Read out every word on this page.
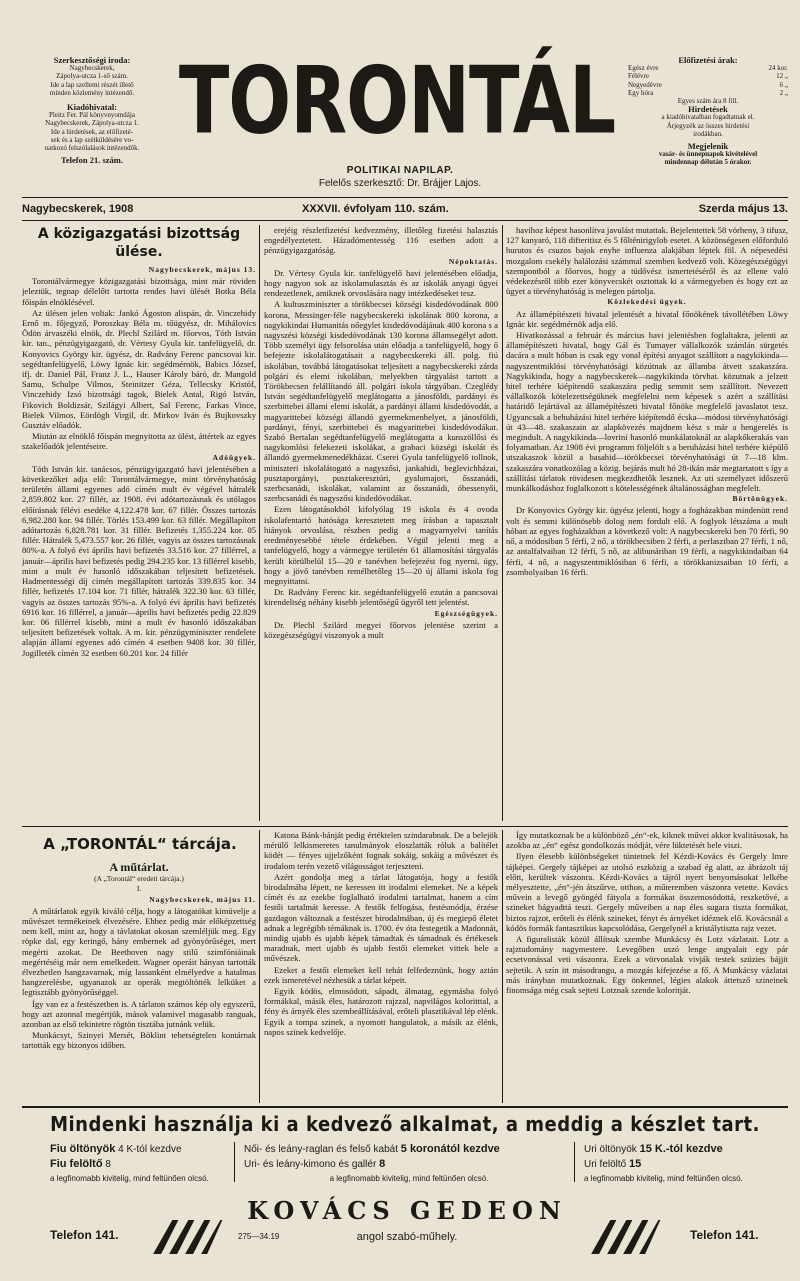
Szerkesztőségi iroda:
Nagybecskerek,
Zápolya-utcza 1-ső szám.
Ide a lap szellemi részét illető
minden közlemény intézendő.
Kiadóhivatal:
Pleitz Fer. Pál könyvnyomdája
Nagybecskerek, Zápolya-utcza 1.
Ide a hirdetések, az előfizeté-
sek és a lap szétküldésére vo-
natkozó felszólalások intézendők.
Telefon 21. szám.
TORONTÁL
POLITIKAI NAPILAP.
Felelős szerkesztő: Dr. Brájjer Lajos.
Előfizetési árak:
Egész évre	24 kor.
Félévre	12 „
Negyedévre	6 „
Egy hóra	2 „
Egyes szám ára 8 fill.
Hirdetések
a kiadóhivatalban fogadtatnak el.
Árjegyzék az összes hirdetési
irodákban.
Megjelenik
vasár- és ünnepnapok kivételével
mindennap délután 5 órakor.
Nagybecskerek, 1908	XXXVII. évfolyam 110. szám.	Szerda május 13.
A közigazgatási bizottság ülése.

Nagybecskerek, május 13.

Torontálvármegye közigazgatási bizottsága, mint már röviden jeleztük, tegnap délelőtt tartotta rendes havi ülését Botka Béla főispán elnöklésével.

Az ülésen jelen voltak: Jankó Ágoston alispán, dr. Vinczehidy Ernő m. főjegyző, Poroszkay Béla m. tőügyész, dr. Mihálovics Ödön árvaszéki elnök, dr. Plechl Szilárd m. főorvos, Tóth István kir. tan., pénzügyigazgató, dr. Vértesy Gyula kir. tanfelügyelő, dr. Konyovics György kir. ügyész, dr. Radvány Ferenc pancsovai kir. segédtanfelügyelő, Löwy Ignác kir. segédmérnök, Babics József, ifj. dr. Daniel Pál, Franz J. L., Hauser Károly báró, dr. Mangold Samu, Schulpe Vilmos, Steinitzer Géza, Tellecsky Kristóf, Vinczehidy Izsó bizottsági tagok, Bielek Antal, Rigó István, Fikovich Boldizsár, Szilágyi Albert, Sal Ferenc, Farkas Vince, Bielek Vilmos, Eördögh Virgil, dr. Mirkov Iván és Bujkovszky Gusztáv előadók.

Miután az elnöklő főispán megnyitotta az ülést, áttértek az egyes szakelőadók jelentéseire.

Adóügyek.

Tóth István kir. tanácsos, pénzügyigazgató havi jelentésében a következőket adja elő: Torontálvármegye, mint törvényhatóság területén állami egyenes adó címén mult év végével hátralék 2,859.802 kor. 27 fillér, az 1908. évi adótartozásnak és utólagos előírásnak félévi esedéke 4,122.478 kor. 67 fillér. Összes tartozás 6,982.280 kor. 94 fillér. Törlés 153.499 kor. 63 fillér. Megállapított adótartozás 6,828.781 kor. 31 fillér. Befizetés 1,355.224 kor. 05 fillér. Hátralék 5,473.557 kor. 26 fillér, vagyis az összes tartozásnak 80%-a. A folyó évi április havi befizetés 33.516 kor. 27 fillérrel, a január—április havi befizetés pedig 294.235 kor. 13 fillérrel kisebb, mint a mult év hasonló időszakában teljesített befizetések. Hadmentességi díj címén megállapított tartozás 339.835 kor. 34 fillér, befizetés 17.104 kor. 71 fillér, hátralék 322.30 kor. 63 fillér, vagyis az összes tartozás 95%-a. A folyó évi április havi befizetés 6916 kor. 16 fillérrel, a január—április havi befizetés pedig 22.829 kor. 06 fillérrel kisebb, mint a mult év hasonló időszakában teljesített befizetések voltak. A m. kir. pénzügyminiszter rendelete alapján állami egyenes adó címén 4 esetben 9408 kor. 30 fillér, Jogilleték címén 32 esetben 60.201 kor. 24 fillér

erejéig részletfizetési kedvezmény, illetőleg fizetési halasztás engedélyeztetett. Házadómentesség 116 esetben adott a pénzügyigazgatóság.

Népoktatás.

Dr. Vértesy Gyula kir. tanfelügyelő havi jelentésében előadja, hogy nagyon sok az iskolamulasztás és az iskolák anyagi ügyei rendezetlenek, amiknek orvoslására nagy intézkedéseket tesz.

A kultuszminiszter a törökbecsei községi kisdedóvodának 800 korona, Messinger-féle nagybecskereki iskolának 800 korona, a nagykikindai Humanitás nőegylet kisdedóvodájának 400 korona s a nagyszési községi kisdedóvodának 130 korona államsegélyt adott. Több személyi ügy felsorolása után előadja a tanfelügyelő, hogy ő befejezte iskolalátogatásait a nagybecskereki áll. polg. fiú iskolában, továbbá látogatásokat teljesített a nagybecskereki zárda polgári és elemi iskolában, melyekben tárgyalást tartott a Törökbecsen felállítandó áll. polgári iskola tárgyában. Czeglédy István segédtanfelügyelő meglátogatta a jánosföldi, pardányi és szerbittebei állami elemi iskolát, a pardányi állami kisdedóvodát, a magyarittebei községi állandó gyermekmenhelyet, a jánosföldi, pardányi, fényi, szerbittebei és magyarittebei kisdedóvodákat. Szabó Bertalan segédtanfelügyelő meglátogatta a kunszöllősi és nagykomlósi felekezeti iskolákat, a grabaci községi iskolát és állandó gyermekmenedékházat. Cserei Gyula tanfelügyelő tollnok, miniszteri iskolalátogató a nagyszősi, jankahidi, beglevichházai, pusztaporgányi, pusztakeresztúri, gyalumajori, ősszanádi, szerbcsanádi, iskolákat, valamint az ősszanádi, óbessenyői, szerbcsanádi és nagyszősi kisdedóvodákat.

Ezen látogatásokból kifolyólag 19 iskola és 4 ovoda iskolafentartó hatósága keresztetett meg írásban a tapasztalt hiányok orvoslása, részben pedig a magyarnyelvi tanítás eredményesebbé tétele érdekében. Végül jelenti meg a tanfelügyelő, hogy a vármegye területén 61 államosítási tárgyalás került körülbelül 15—20 e tanévben befejezést fog nyerni, úgy, hogy a jövő tanévben remélhetőleg 15—20 új állami iskola fog megnyittatni.

Dr. Radvány Ferenc kir. segédtanfelügyelő ezután a pancsovai kirendeltség néhány kisebb jelentőségű ügyről tett jelentést.

Egészségügyek.

Dr. Plechl Szilárd megyei főorvos jelentése szerint a közegészségügyi viszonyok a mult

havihoz képest hasonlítva javulást mutattak. Bejelentettek 58 vörheny, 3 tifusz, 127 kanyaró, 118 difteritisz és 5 főlténirigylob esetet. A közönségesen előforduló hurutos és csuzos bajok enyhe influenza alakjában léptek föl. A népesedési mozgalom csekély halálozási számmal szemben kedvező volt. Közegészségügyi szempontból a főorvos, hogy a tüdővész ismertetéséről és az ellene való védekezésről több ezer könyvecskét osztottak ki a vármegyeben és hogy ezt az ügyet a törvényhatóság is melegen pártolja.

Közlekedési ügyek.

Az államépítészeti hivatal jelentését a hivatal főnökének távollétében Löwy Ignác kir. segédmérnök adja elő.

Hivatkozással a február és március havi jelentésben foglaltakra, jelenti az államépítészeti hivatal, hogy Gál és Tumayer vállalkozók számlán sürgetés dacára a mult hóban is csak egy vonal építési anyagot szállított a nagykikinda—nagyszentmiklósi törvényhatósági közútnak az államba átvett szakaszára. Nagykikinda, hogy a nagybecskerek—nagykikinda törvhat. közutnak a jelzett hitel terhére kiépítendő szakaszára pedig semmit sem szállított. Nevezett vállalkozók kötelezettségüknek megfelelni nem képesek s azért a szállítási határidő lejártával az államépítészeti hivatal főnöke megfelelő javaslatot tesz. Ugyancsak a behuházási hitel terhére kiépítendő écska—módosi törvényhatósági út 43—48. szakaszain az alapkövezés majdnem kész s már a hengerelés is megindult. A nagykikinda—lovrini hasonló munkálatoknál az alapkőkerakás van folyamatban. Az 1908 évi programm följelölt s a beruházási hitel terhére kiépülő utszakaszok közül a basahid—törökbecsei törvényhatósági út 7—18 klm. szakaszára vonatkozólag a közig. bejárás mult hó 28-ikán már megtartatott s így a szállítási tárlatok rövidesen megkezdhetők lesznek. Az uti személyzet időszerű munkálkodáshoz foglalkozott s kötelességének általánosságban megfelelt.

Börtönügyek.

Dr Konyovics György kir. ügyész jelenti, hogy a fogházakban mindenütt rend volt és semmi különösebb dolog nem fordult elő. A foglyok létszáma a mult hóban az egyes fogházakban a következő volt: A nagybecskereki ben 70 férfi, 90 nő, a módosiban 5 férfi, 2 nő, a törökbecsiben 2 férfi, a perlasziban 27 férfi, 1 nő, az antalfalvaiban 12 férfi, 5 nő, az alibunáriban 19 férfi, a nagykikindaiban 64 férfi, 4 nő, a nagyszentmiklósiban 6 férfi, a törökkanizsaiban 10 férfi, a zsombolyaiban 16 férfi.

A „TORONTÁL“ tárcája.
A műtárlat.
(A „Torontál“ eredeti tárcája.)
I.

Nagybecskerek, május 11.

A műtárlatok egyik kiváló célja, hogy a látogatókat kimüvelje a művészet termékeinek élvezésére. Ehhez pedig már előképzettség nem kell, mint az, hogy a távlatokat okosan szemléljük meg. Egy röpke dal, egy keringő, hány embernek ad gyönyörűséget, mert megérti azokat. De Beethoven nagy stilű szimfóniáinak megértéséig már nem emelkedett. Wagner operáit hányan tartották élvezhetlen hangzavarnak, míg lassanként elmélyedve a hatalmas hangzerelésbe, ugyanazok az operák megtöltötték lelküket a legtisztább gyönyörűséggel.

Így van ez a festészetben is. A tárlaton számos kép oly egyszerű, hogy azt azonnal megértjük, mások valamivel magasabb ranguak, azonban az első tekintetre rögtön tisztába jutnánk velük.

Munkácsyt, Szinyei Mersét, Böklint tehetségtelen kontárnak tartották egy bizonyos időben.

Katona Bánk-bánját pedig értéktelen szindarabnak. De a belejök mérülő lelkismeretes tanulmányok eloszlatták róluk a balítélet ködét — fényes ujjelzőként fognak sokáig, sokáig a művészet és irodalom terén vezető világosságot terjeszteni.

Azért gondolja meg a tárlat látogatója, hogy a festők birodalmába lépett, ne keressen itt irodalmi elemeket. Ne a képek címét és az ezekbe foglalható irodalmi tartalmat, hanem a cím festői tartalmát keresse. A festők felfogása, festésmódja, érzése gazdagon változnak a festészet birodalmában, új és megiepő életet adnak a legrégibb témáknak is. 1700. év óta festegetik a Madonnát, mindig ujabb és ujabb képek támadtak és támadnak és értékesek maradnak, mert ujabb és ujabb festői elemeket vittek bele a művészek.

Ezeket a festői elemeket kell tehát felfedeznünk, hogy aztán ezek ismeretével nézhesük a tárlat képeit.

Egyik ködös, elmosódott, sápadt, álmatag, egymásba folyó formákkal, másik éles, határozott rajzzal, napvilágos koloritttal, a fény és árnyék éles szembeállításával, erőteli plasztikával lép elénk. Egyik a tompa szinek, a nyomott hangulatok, a másik az élénk, napos szinek kedvelője.

Így mutatkoznak be a különböző „én“-ek, kiknek művei akkor kvalitásosak, ha azokba az „én“ egész gondolkozás módját, vére lüktetését bele viszi.

Ilyen élesebb különbségeket tüntetnek fel Kézdi-Kovács és Gergely Imre tájképei. Gergely tájképei az utolsó eszközig a szabad ég alatt, az ábrázolt táj előtt, kerültek vászonra. Kézdi-Kovács a tájról nyert benyomásokat lelkébe mélyesztette, „én“-jén átszűrve, otthon, a műteremben vászonra vetette. Kovács művein a levegő gyöngéd fátyola a formákat összemosódottá, reszketővé, a szineket bágyadttá teszi. Gergely műveiben a nap éles sugara tiszta formákat, biztos rajzot, erőteli és élénk szineket, fényt és árnyéket idéznek elő. Kovácsnál a kódös formák fantasztikus kapcsolódása, Gergelynél a kristálytiszta rajz vezet.

A figuralisták közül állítsuk szembe Munkácsy és Lotz vázlatait. Lotz a rajztudomány nagymestere. Levegőben uszó lenge angyalait egy pár ecsetvonással veti vászonra. Ezek a vörvonalak vivják testek szüzies bájjit sejtetik. A szín itt másodrangu, a mozgás kifejezése a fő. A Munkácsy vázlatai más irányban mutatkoznak. Egy önkennel, légies alakok áttetsző szineinek finomsága még csak sejteti Lotznak szende koloritját.

Mindenki használja ki a kedvező alkalmat, a meddig a készlet tart.
Fiu öltönyök 4 K-tól kezdve
Fiu felöltő 8
a legfinomabb kivitelig, mind feltünően olcsó.
Női- és leány-raglan és felső kabát 5 koronától kezdve
Uri- és leány-kimono és gallér 8
a legfinomabb kivitelig, mind feltünően olcsó.
Uri öltönyök 15 K.-tól kezdve
Uri felöltő 15
a legfinomabb kivitelig, mind feltünően olcsó.
KOVÁCS GEDEON
angol szabó-műhely.
275—34.19
Telefon 141.	Telefon 141.
